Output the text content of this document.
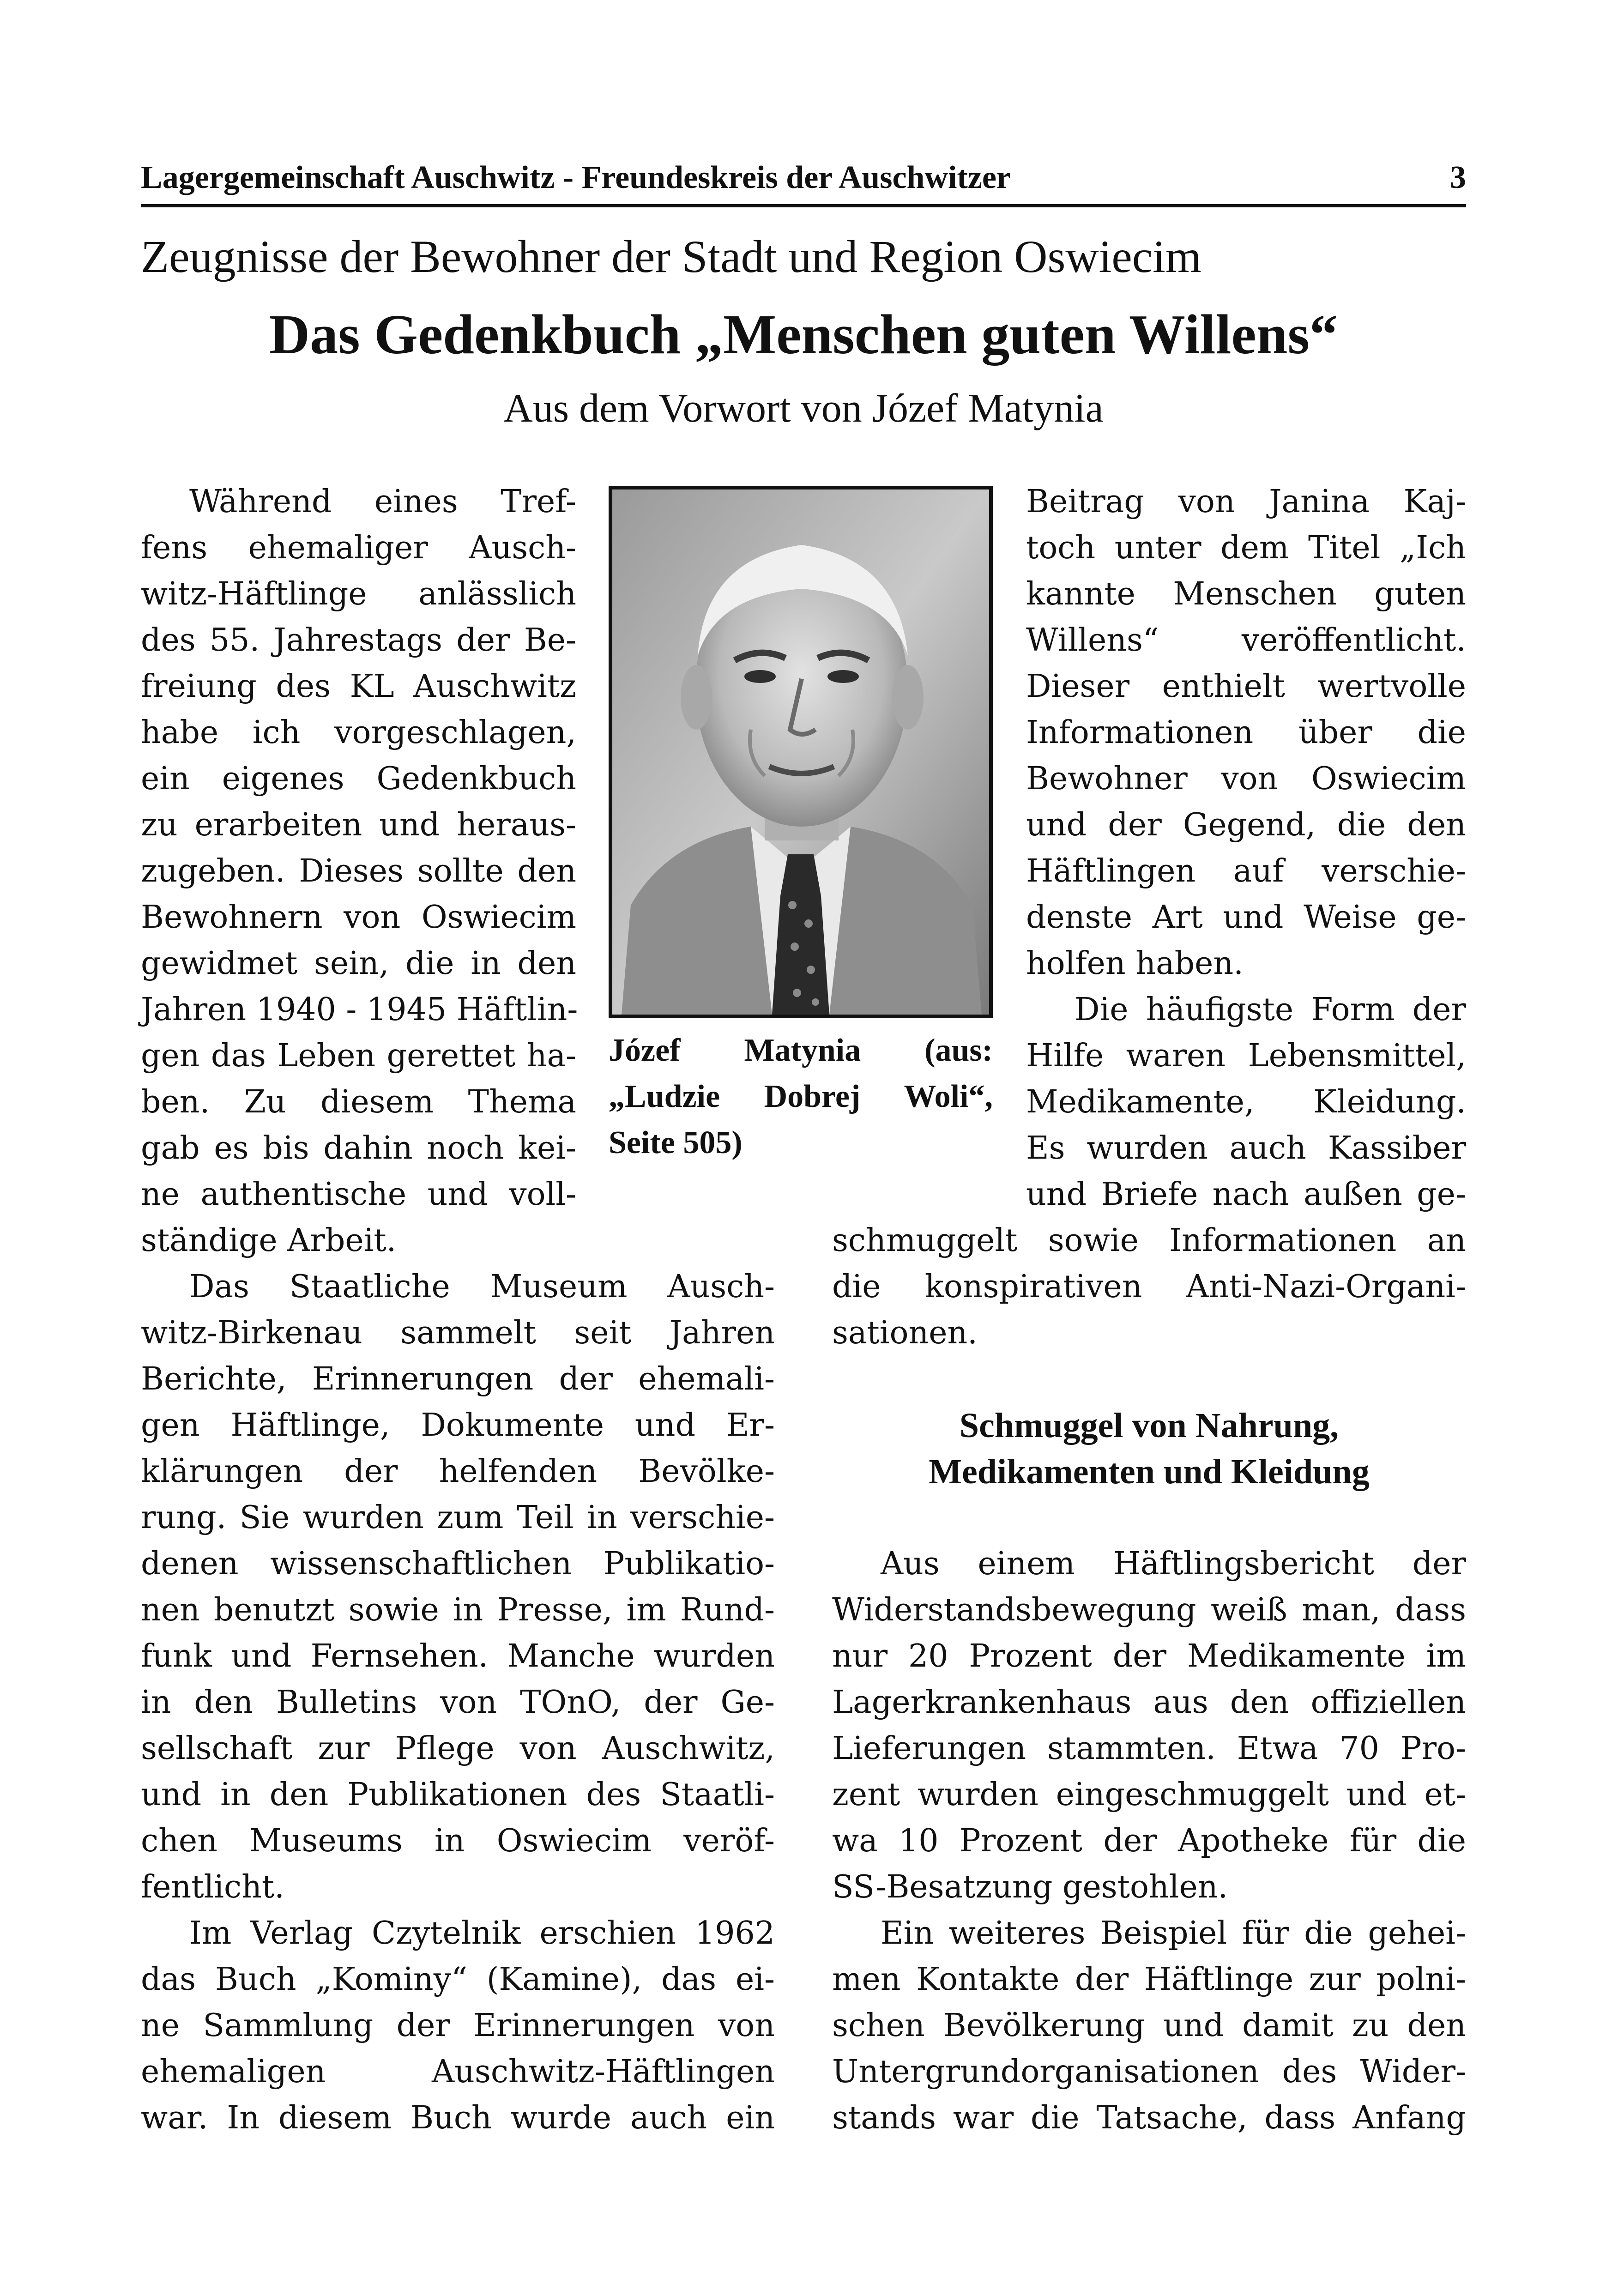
Lagergemeinschaft Auschwitz - Freundeskreis der Auschwitzer	3
Zeugnisse der Bewohner der Stadt und Region Oswiecim
Das Gedenkbuch „Menschen guten Willens“
Aus dem Vorwort von Józef Matynia
Józef Matynia (aus:
„Ludzie Dobrej Woli“,
Seite 505)
Während eines Tref-
fens ehemaliger Ausch-
witz-Häftlinge anlässlich
des 55. Jahrestags der Be-
freiung des KL Auschwitz
habe ich vorgeschlagen,
ein eigenes Gedenkbuch
zu erarbeiten und heraus-
zugeben. Dieses sollte den
Bewohnern von Oswiecim
gewidmet sein, die in den
Jahren 1940 - 1945 Häftlin-
gen das Leben gerettet ha-
ben. Zu diesem Thema
gab es bis dahin noch kei-
ne authentische und voll-
ständige Arbeit.
Das Staatliche Museum Ausch-
witz-Birkenau sammelt seit Jahren
Berichte, Erinnerungen der ehemali-
gen Häftlinge, Dokumente und Er-
klärungen der helfenden Bevölke-
rung. Sie wurden zum Teil in verschie-
denen wissenschaftlichen Publikatio-
nen benutzt sowie in Presse, im Rund-
funk und Fernsehen. Manche wurden
in den Bulletins von TOnO, der Ge-
sellschaft zur Pflege von Auschwitz,
und in den Publikationen des Staatli-
chen Museums in Oswiecim veröf-
fentlicht.
Im Verlag Czytelnik erschien 1962
das Buch „Kominy“ (Kamine), das ei-
ne Sammlung der Erinnerungen von
ehemaligen Auschwitz-Häftlingen
war. In diesem Buch wurde auch ein
Beitrag von Janina Kaj-
toch unter dem Titel „Ich
kannte Menschen guten
Willens“ veröffentlicht.
Dieser enthielt wertvolle
Informationen über die
Bewohner von Oswiecim
und der Gegend, die den
Häftlingen auf verschie-
denste Art und Weise ge-
holfen haben.
Die häufigste Form der
Hilfe waren Lebensmittel,
Medikamente, Kleidung.
Es wurden auch Kassiber
und Briefe nach außen ge-
schmuggelt sowie Informationen an
die konspirativen Anti-Nazi-Organi-
sationen.
Schmuggel von Nahrung,
Medikamenten und Kleidung
Aus einem Häftlingsbericht der
Widerstandsbewegung weiß man, dass
nur 20 Prozent der Medikamente im
Lagerkrankenhaus aus den offiziellen
Lieferungen stammten. Etwa 70 Pro-
zent wurden eingeschmuggelt und et-
wa 10 Prozent der Apotheke für die
SS-Besatzung gestohlen.
Ein weiteres Beispiel für die gehei-
men Kontakte der Häftlinge zur polni-
schen Bevölkerung und damit zu den
Untergrundorganisationen des Wider-
stands war die Tatsache, dass Anfang
